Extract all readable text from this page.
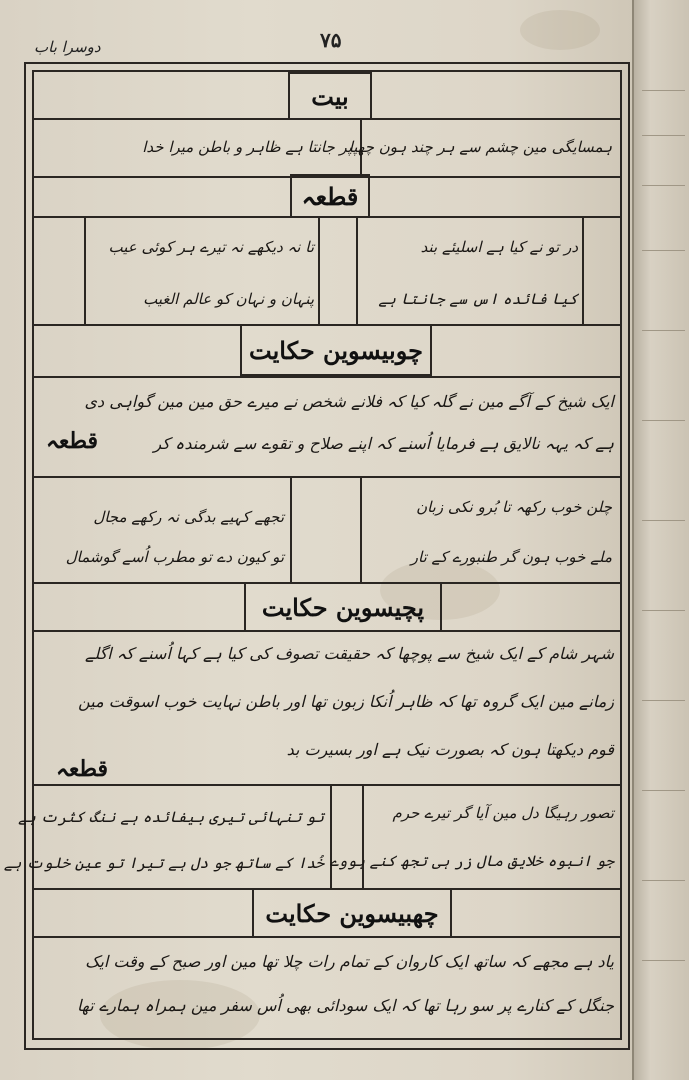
دوسرا باب	۷۵
بیت
ہمسایگی مین چشم سے ہر چند ہون چھپا
پر جانتا ہے ظاہر و باطن میرا خدا
قطعہ
در تو نے کیا ہے اسلیئے بند
کیا فائدہ اس سے جانتا ہے
تا نہ دیکھے نہ تیرے ہر کوئی عیب
پنہان و نہان کو عالم الغیب
چوبیسوین حکایت
ایک شیخ کے آگے مین نے گلہ کیا کہ فلانے شخص نے میرے حق مین مین گواہی دی
ہے کہ یہہ نالایق ہے فرمایا اُسنے کہ اپنے صلاح و تقوے سے شرمندہ کر
قطعہ
چلن خوب رکھہ تا بُرو نکی زبان
ملے خوب ہون گر طنبورے کے تار
تجھے کہیے بدگی نہ رکھے مجال
تو کیون دے تو مطرب اُسے گوشمال
پچیسوین حکایت
شہر شام کے ایک شیخ سے پوچھا کہ حقیقت تصوف کی کیا ہے کہا اُسنے کہ اگلے
زمانے مین ایک گروہ تھا کہ ظاہر اُنکا زبون تھا اور باطن نہایت خوب اسوقت مین
قوم دیکھتا ہون کہ بصورت نیک ہے اور بسیرت بد
قطعہ
تصور رہیگا دل مین آیا گر تیرے حرم
جو انبوہ خلایق مال زر ہی تجھ کنے ہووے
تو تنہائی تیری بیفائدہ ہے ننگ کثرت ہے
خُدا کے ساتھ جو دل ہے تیرا تو عین خلوت ہے
چھبیسوین حکایت
یاد ہے مجھے کہ ساتھ ایک کاروان کے تمام رات چلا تھا مین اور صبح کے وقت ایک
جنگل کے کنارے پر سو رہا تھا کہ ایک سودائی بھی اُس سفر مین ہمراہ ہمارے تھا
